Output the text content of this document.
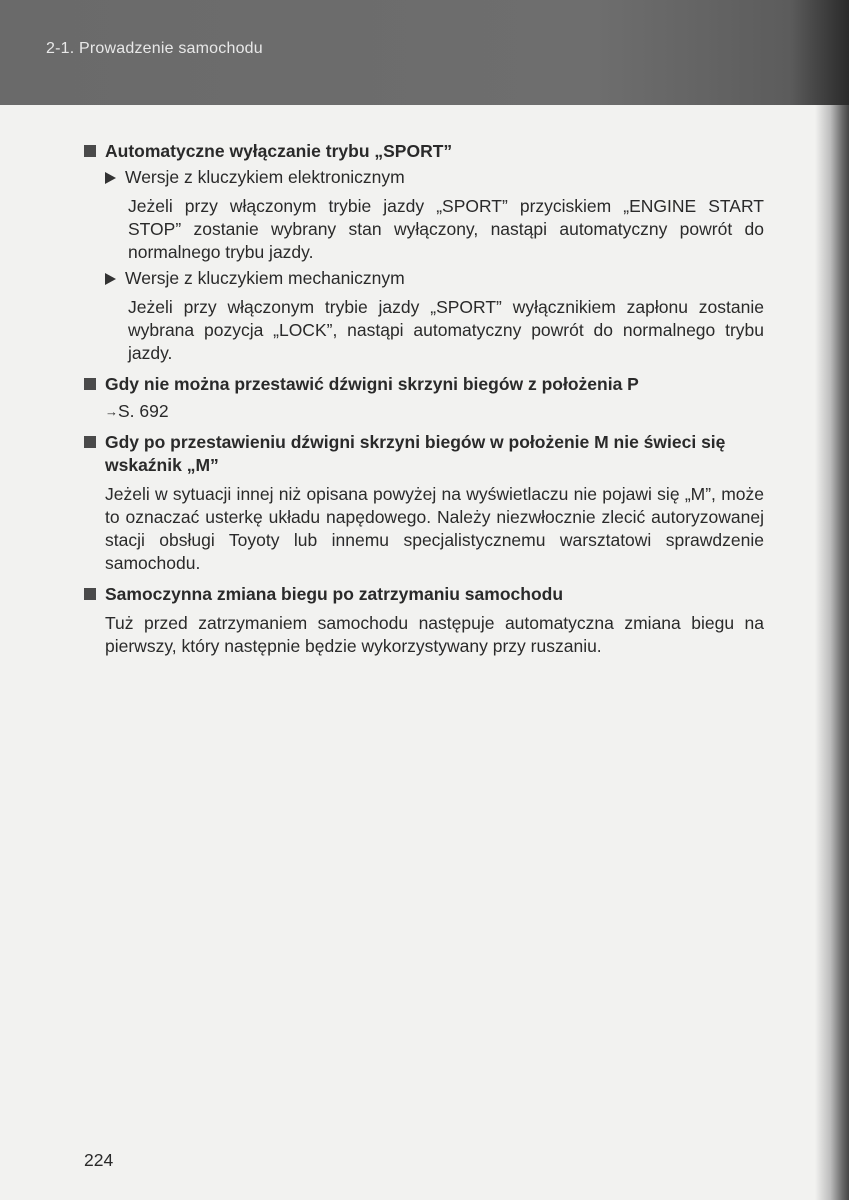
2-1. Prowadzenie samochodu
Automatyczne wyłączanie trybu „SPORT”
Wersje z kluczykiem elektronicznym
Jeżeli przy włączonym trybie jazdy „SPORT” przyciskiem „ENGINE START STOP” zostanie wybrany stan wyłączony, nastąpi automatyczny powrót do normalnego trybu jazdy.
Wersje z kluczykiem mechanicznym
Jeżeli przy włączonym trybie jazdy „SPORT” wyłącznikiem zapłonu zostanie wybrana pozycja „LOCK”, nastąpi automatyczny powrót do normalnego trybu jazdy.
Gdy nie można przestawić dźwigni skrzyni biegów z położenia P
→S. 692
Gdy po przestawieniu dźwigni skrzyni biegów w położenie M nie świeci się wskaźnik „M”
Jeżeli w sytuacji innej niż opisana powyżej na wyświetlaczu nie pojawi się „M”, może to oznaczać usterkę układu napędowego. Należy niezwłocznie zlecić autoryzowanej stacji obsługi Toyoty lub innemu specjalistycznemu warsztatowi sprawdzenie samochodu.
Samoczynna zmiana biegu po zatrzymaniu samochodu
Tuż przed zatrzymaniem samochodu następuje automatyczna zmiana biegu na pierwszy, który następnie będzie wykorzystywany przy ruszaniu.
224
